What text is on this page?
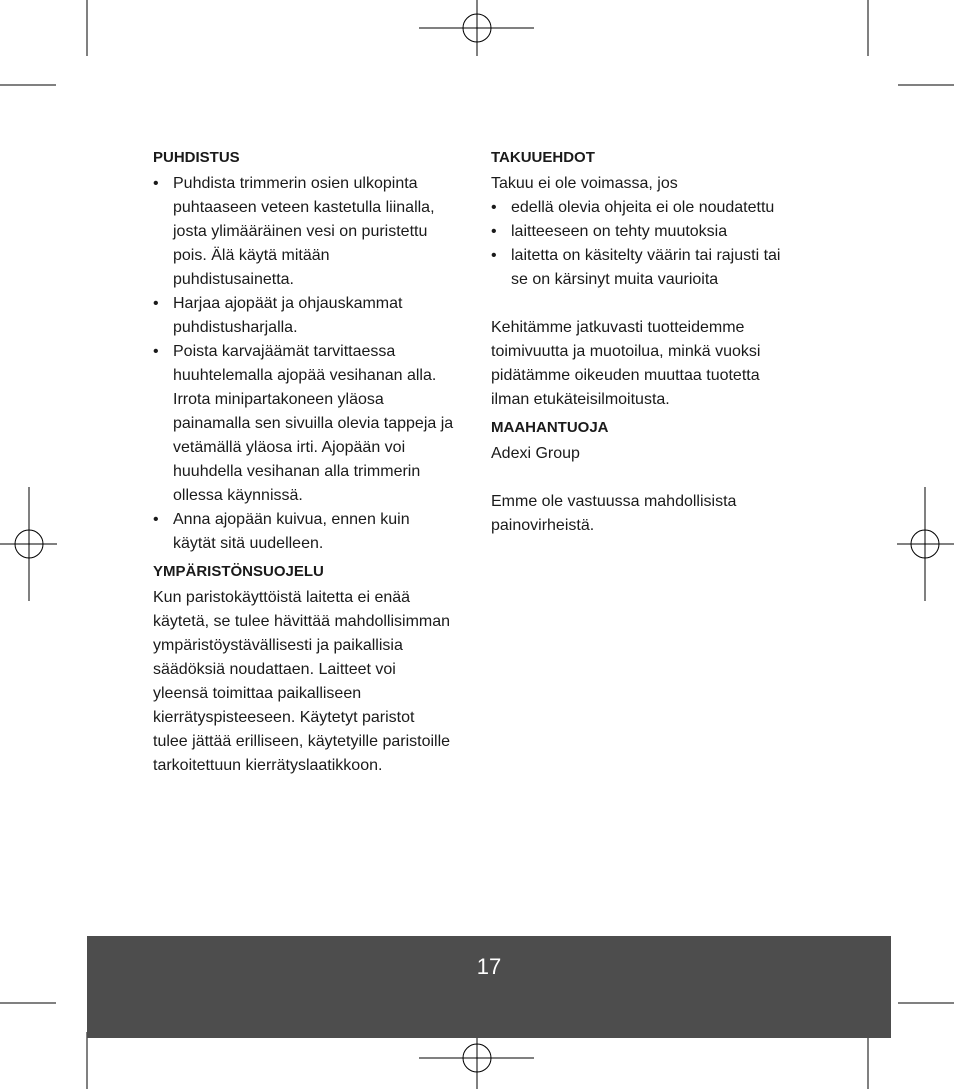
PUHDISTUS
• Puhdista trimmerin osien ulkopinta
puhtaaseen veteen kastetulla liinalla,
josta ylimääräinen vesi on puristettu
pois. Älä käytä mitään
puhdistusainetta.
• Harjaa ajopäät ja ohjauskammat
puhdistusharjalla.
• Poista karvajäämät tarvittaessa
huuhtelemalla ajopää vesihanan alla.
Irrota minipartakoneen yläosa
painamalla sen sivuilla olevia tappeja ja
vetämällä yläosa irti. Ajopään voi
huuhdella vesihanan alla trimmerin
ollessa käynnissä.
• Anna ajopään kuivua, ennen kuin
käytät sitä uudelleen.
YMPÄRISTÖNSUOJELU
Kun paristokäyttöistä laitetta ei enää
käytetä, se tulee hävittää mahdollisimman
ympäristöystävällisesti ja paikallisia
säädöksiä noudattaen. Laitteet voi
yleensä toimittaa paikalliseen
kierrätyspisteeseen. Käytetyt paristot
tulee jättää erilliseen, käytetyille paristoille
tarkoitettuun kierrätyslaatikkoon.
TAKUUEHDOT
Takuu ei ole voimassa, jos
• edellä olevia ohjeita ei ole noudatettu
• laitteeseen on tehty muutoksia
• laitetta on käsitelty väärin tai rajusti tai
se on kärsinyt muita vaurioita
Kehitämme jatkuvasti tuotteidemme
toimivuutta ja muotoilua, minkä vuoksi
pidätämme oikeuden muuttaa tuotetta
ilman etukäteisilmoitusta.
MAAHANTUOJA
Adexi Group
Emme ole vastuussa mahdollisista
painovirheistä.
17
